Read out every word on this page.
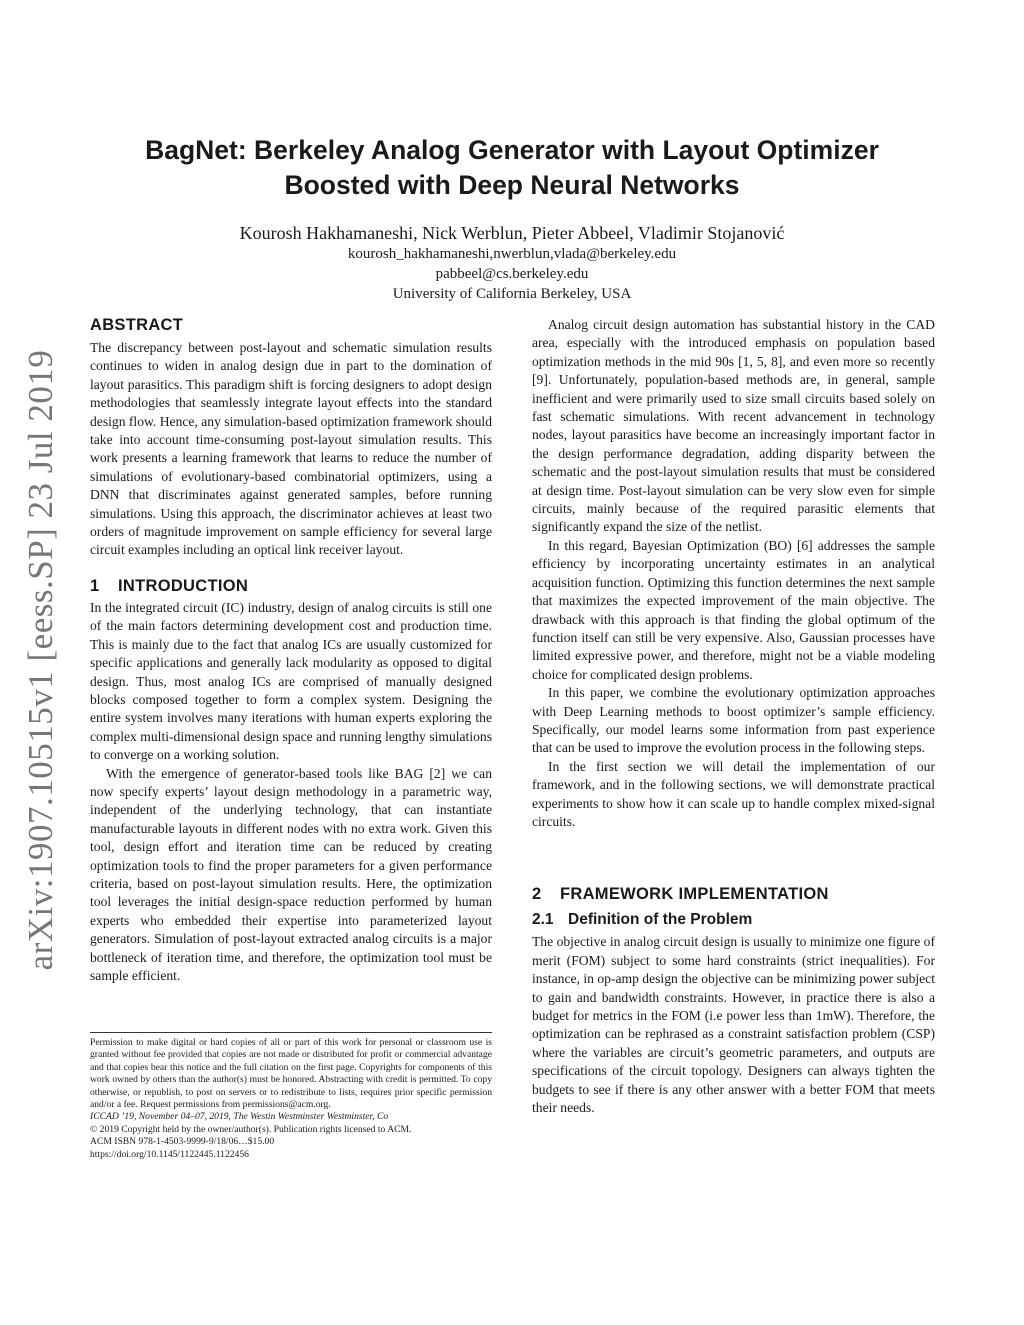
arXiv:1907.10515v1 [eess.SP] 23 Jul 2019
BagNet: Berkeley Analog Generator with Layout Optimizer
Boosted with Deep Neural Networks
Kourosh Hakhamaneshi, Nick Werblun, Pieter Abbeel, Vladimir Stojanović
kourosh_hakhamaneshi,nwerblun,vlada@berkeley.edu
pabbeel@cs.berkeley.edu
University of California Berkeley, USA
ABSTRACT

The discrepancy between post-layout and schematic simulation results continues to widen in analog design due in part to the domination of layout parasitics. This paradigm shift is forcing designers to adopt design methodologies that seamlessly integrate layout effects into the standard design flow. Hence, any simulation-based optimization framework should take into account time-consuming post-layout simulation results. This work presents a learning framework that learns to reduce the number of simulations of evolutionary-based combinatorial optimizers, using a DNN that discriminates against generated samples, before running simulations. Using this approach, the discriminator achieves at least two orders of magnitude improvement on sample efficiency for several large circuit examples including an optical link receiver layout.

1 INTRODUCTION

In the integrated circuit (IC) industry, design of analog circuits is still one of the main factors determining development cost and production time. This is mainly due to the fact that analog ICs are usually customized for specific applications and generally lack modularity as opposed to digital design. Thus, most analog ICs are comprised of manually designed blocks composed together to form a complex system. Designing the entire system involves many iterations with human experts exploring the complex multi-dimensional design space and running lengthy simulations to converge on a working solution.

With the emergence of generator-based tools like BAG [2] we can now specify experts’ layout design methodology in a parametric way, independent of the underlying technology, that can instantiate manufacturable layouts in different nodes with no extra work. Given this tool, design effort and iteration time can be reduced by creating optimization tools to find the proper parameters for a given performance criteria, based on post-layout simulation results. Here, the optimization tool leverages the initial design-space reduction performed by human experts who embedded their expertise into parameterized layout generators. Simulation of post-layout extracted analog circuits is a major bottleneck of iteration time, and therefore, the optimization tool must be sample efficient.

Permission to make digital or hard copies of all or part of this work for personal or classroom use is granted without fee provided that copies are not made or distributed for profit or commercial advantage and that copies bear this notice and the full citation on the first page. Copyrights for components of this work owned by others than the author(s) must be honored. Abstracting with credit is permitted. To copy otherwise, or republish, to post on servers or to redistribute to lists, requires prior specific permission and/or a fee. Request permissions from permissions@acm.org.

ICCAD ’19, November 04–07, 2019, The Westin Westminster Westminster, Co

© 2019 Copyright held by the owner/author(s). Publication rights licensed to ACM.

ACM ISBN 978-1-4503-9999-9/18/06…$15.00

https://doi.org/10.1145/1122445.1122456

Analog circuit design automation has substantial history in the CAD area, especially with the introduced emphasis on population based optimization methods in the mid 90s [1, 5, 8], and even more so recently [9]. Unfortunately, population-based methods are, in general, sample inefficient and were primarily used to size small circuits based solely on fast schematic simulations. With recent advancement in technology nodes, layout parasitics have become an increasingly important factor in the design performance degradation, adding disparity between the schematic and the post-layout simulation results that must be considered at design time. Post-layout simulation can be very slow even for simple circuits, mainly because of the required parasitic elements that significantly expand the size of the netlist.

In this regard, Bayesian Optimization (BO) [6] addresses the sample efficiency by incorporating uncertainty estimates in an analytical acquisition function. Optimizing this function determines the next sample that maximizes the expected improvement of the main objective. The drawback with this approach is that finding the global optimum of the function itself can still be very expensive. Also, Gaussian processes have limited expressive power, and therefore, might not be a viable modeling choice for complicated design problems.

In this paper, we combine the evolutionary optimization approaches with Deep Learning methods to boost optimizer’s sample efficiency. Specifically, our model learns some information from past experience that can be used to improve the evolution process in the following steps.

In the first section we will detail the implementation of our framework, and in the following sections, we will demonstrate practical experiments to show how it can scale up to handle complex mixed-signal circuits.

2 FRAMEWORK IMPLEMENTATION
2.1 Definition of the Problem

The objective in analog circuit design is usually to minimize one figure of merit (FOM) subject to some hard constraints (strict inequalities). For instance, in op-amp design the objective can be minimizing power subject to gain and bandwidth constraints. However, in practice there is also a budget for metrics in the FOM (i.e power less than 1mW). Therefore, the optimization can be rephrased as a constraint satisfaction problem (CSP) where the variables are circuit’s geometric parameters, and outputs are specifications of the circuit topology. Designers can always tighten the budgets to see if there is any other answer with a better FOM that meets their needs.
